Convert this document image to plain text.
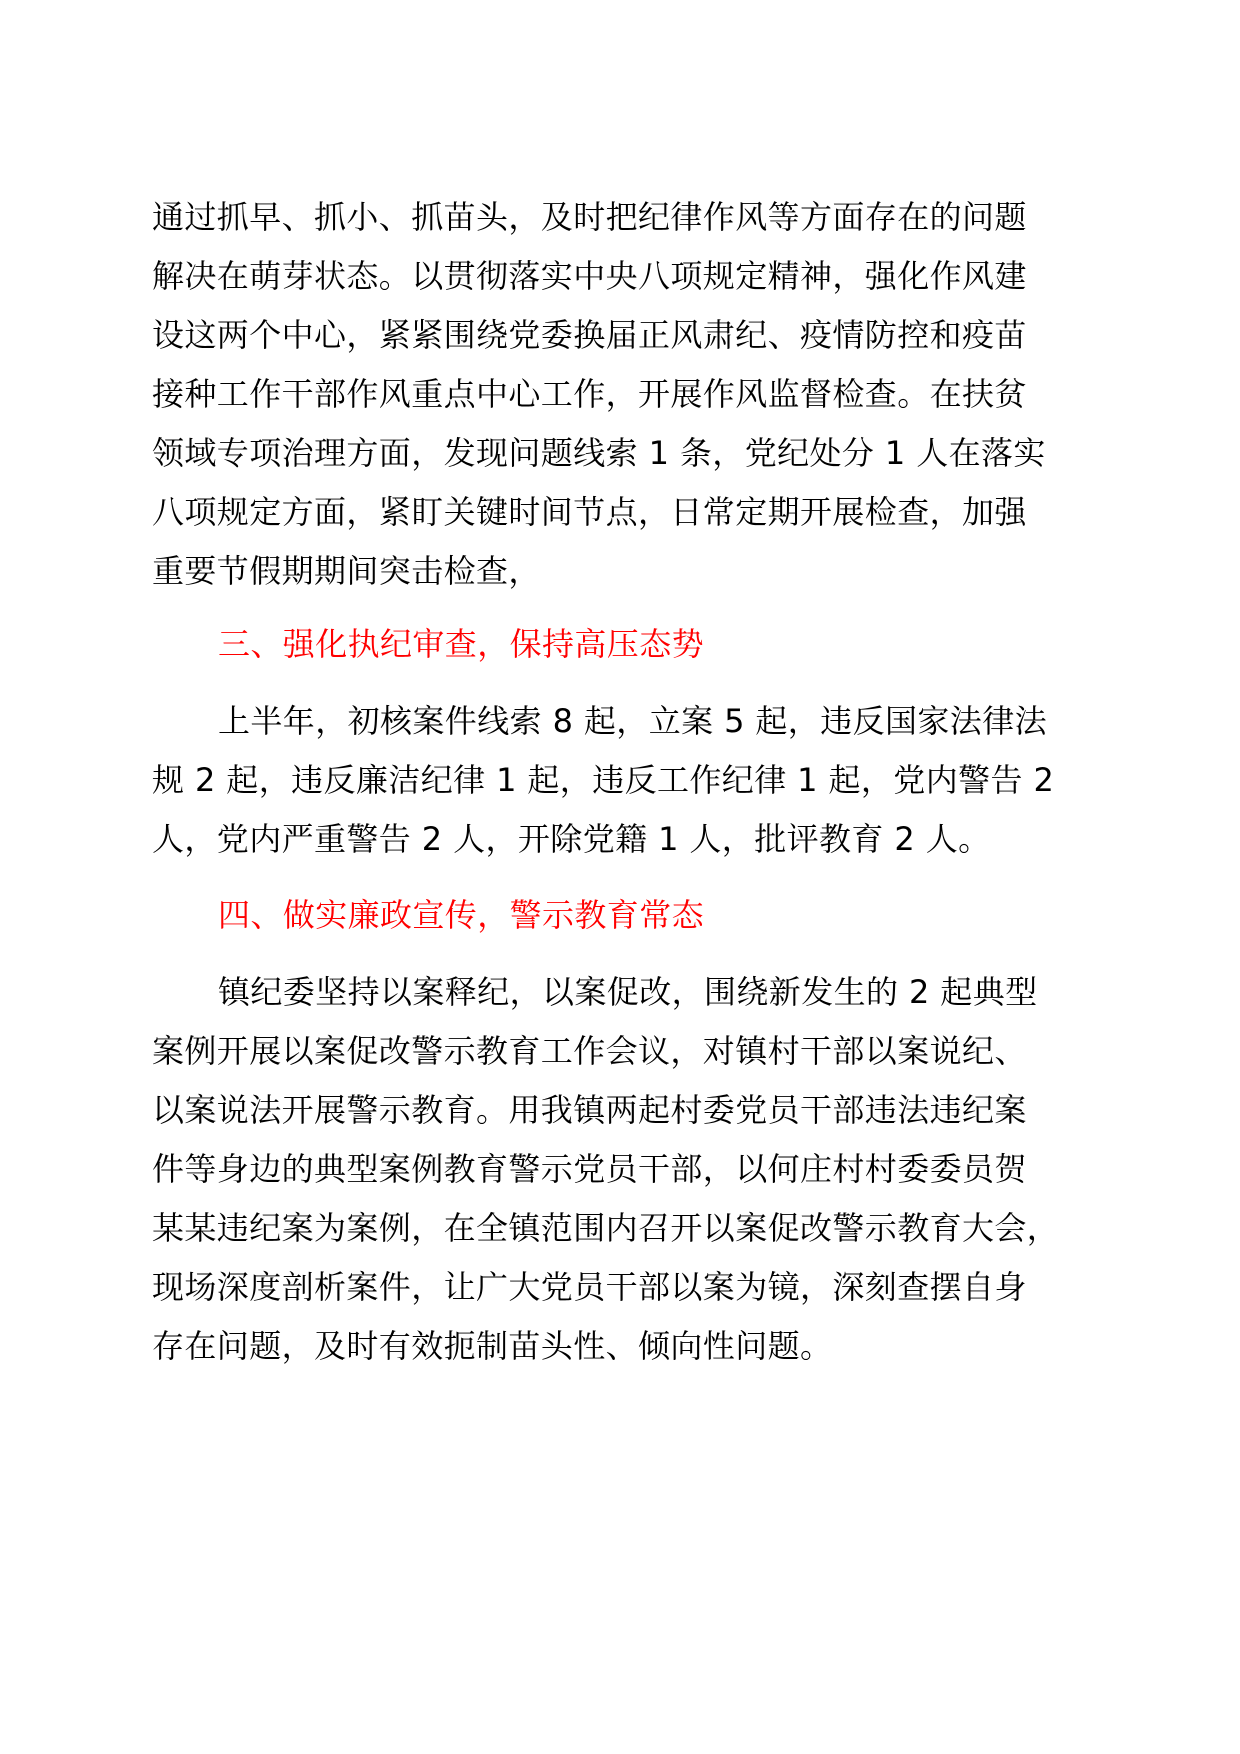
通过抓早、抓小、抓苗头，及时把纪律作风等方面存在的问题
解决在萌芽状态。以贯彻落实中央八项规定精神，强化作风建
设这两个中心，紧紧围绕党委换届正风肃纪、疫情防控和疫苗
接种工作干部作风重点中心工作，开展作风监督检查。在扶贫
领域专项治理方面，发现问题线索 1 条，党纪处分 1 人在落实
八项规定方面，紧盯关键时间节点，日常定期开展检查，加强
重要节假期期间突击检查，
三、强化执纪审查，保持高压态势
上半年，初核案件线索 8 起，立案 5 起，违反国家法律法
规 2 起，违反廉洁纪律 1 起，违反工作纪律 1 起，党内警告 2
人，党内严重警告 2 人，开除党籍 1 人，批评教育 2 人。
四、做实廉政宣传，警示教育常态
镇纪委坚持以案释纪，以案促改，围绕新发生的 2 起典型
案例开展以案促改警示教育工作会议，对镇村干部以案说纪、
以案说法开展警示教育。用我镇两起村委党员干部违法违纪案
件等身边的典型案例教育警示党员干部，以何庄村村委委员贺
某某违纪案为案例，在全镇范围内召开以案促改警示教育大会，
现场深度剖析案件，让广大党员干部以案为镜，深刻查摆自身
存在问题，及时有效扼制苗头性、倾向性问题。
